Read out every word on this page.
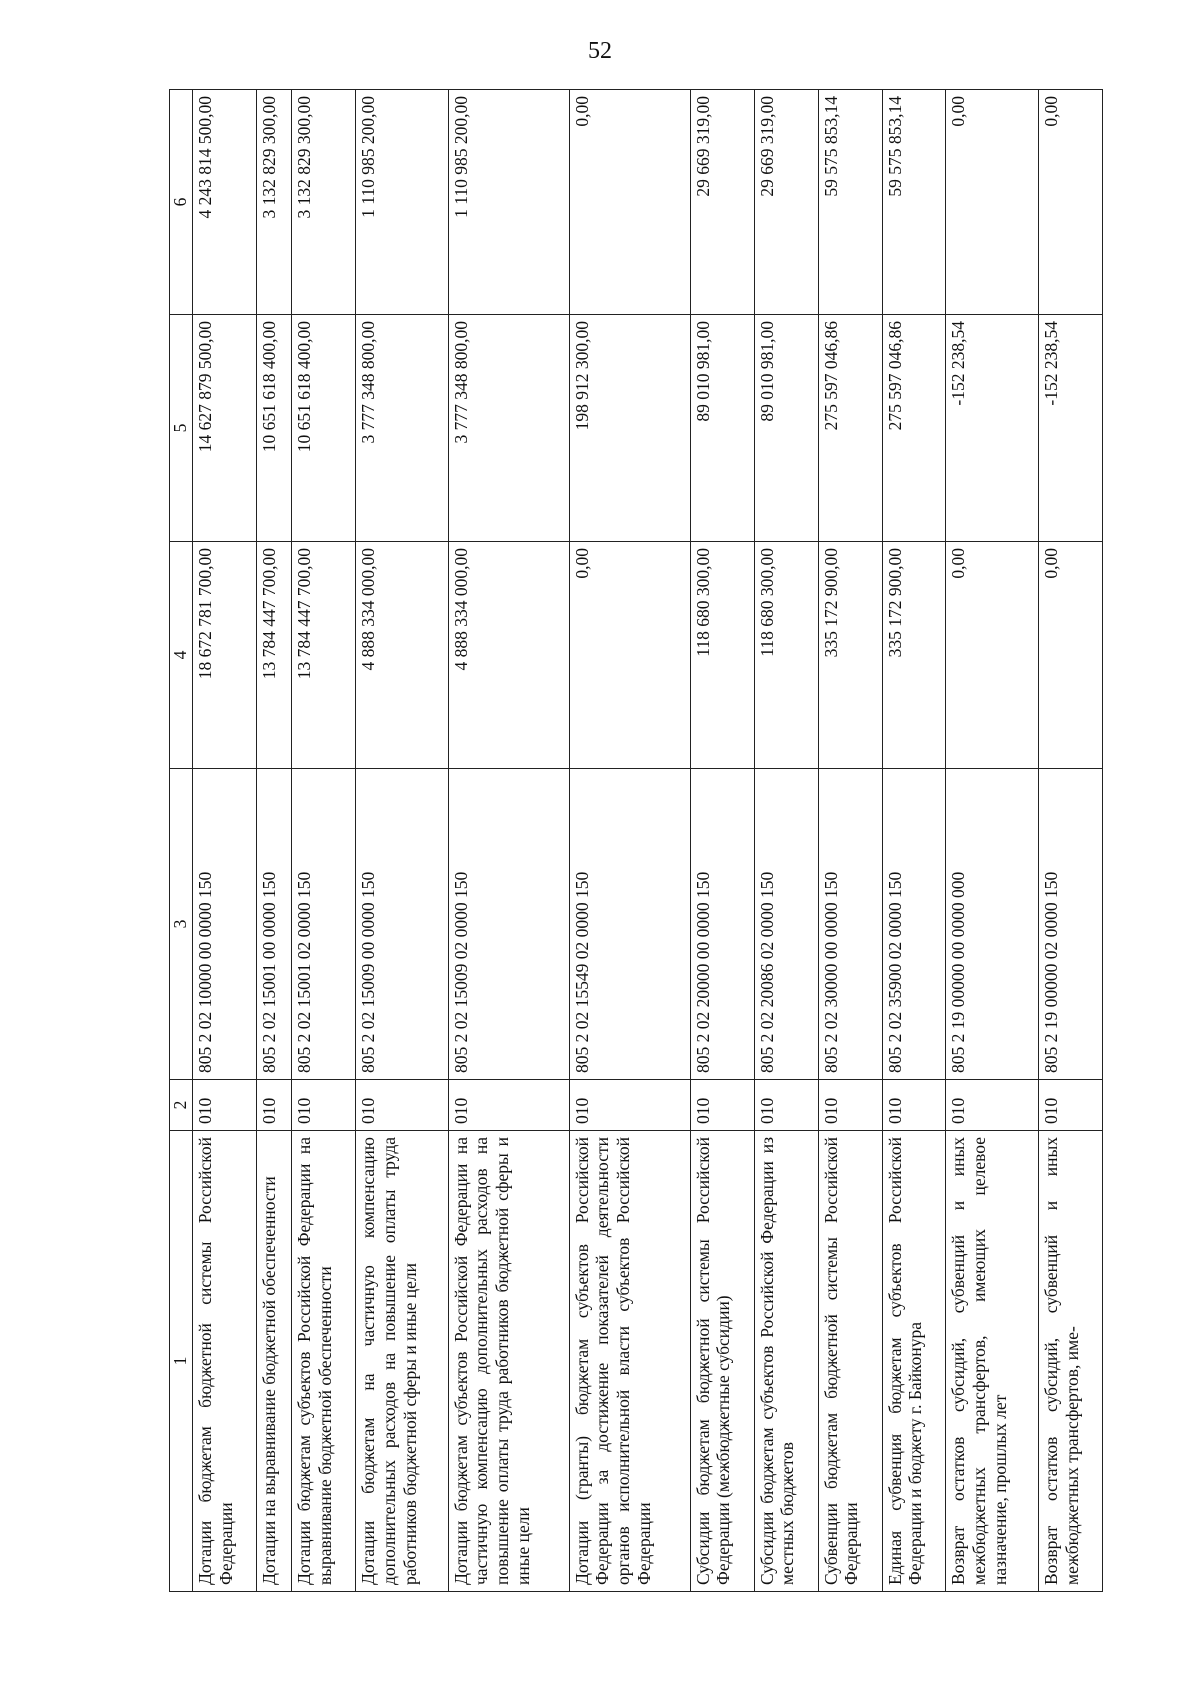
52
1	2	3	4	5	6
Дотации бюджетам бюджетной системы Российской Федерации	010	805 2 02 10000 00 0000 150	18 672 781 700,00	14 627 879 500,00	4 243 814 500,00
Дотации на выравнивание бюджетной обеспеченности	010	805 2 02 15001 00 0000 150	13 784 447 700,00	10 651 618 400,00	3 132 829 300,00
Дотации бюджетам субъектов Российской Федерации на выравнивание бюджетной обеспеченности	010	805 2 02 15001 02 0000 150	13 784 447 700,00	10 651 618 400,00	3 132 829 300,00
Дотации бюджетам на частичную компенсацию дополнительных расходов на повышение оплаты труда работников бюджетной сферы и иные цели	010	805 2 02 15009 00 0000 150	4 888 334 000,00	3 777 348 800,00	1 110 985 200,00
Дотации бюджетам субъектов Российской Федерации на частичную компенсацию дополнительных расходов на повышение оплаты труда работников бюджетной сферы и иные цели	010	805 2 02 15009 02 0000 150	4 888 334 000,00	3 777 348 800,00	1 110 985 200,00
Дотации (гранты) бюджетам субъектов Российской Федерации за достижение показателей деятельности органов исполнительной власти субъектов Российской Федерации	010	805 2 02 15549 02 0000 150	0,00	198 912 300,00	0,00
Субсидии бюджетам бюджетной системы Российской Федерации (межбюджетные субсидии)	010	805 2 02 20000 00 0000 150	118 680 300,00	89 010 981,00	29 669 319,00
Субсидии бюджетам субъектов Российской Федерации из местных бюджетов	010	805 2 02 20086 02 0000 150	118 680 300,00	89 010 981,00	29 669 319,00
Субвенции бюджетам бюджетной системы Российской Федерации	010	805 2 02 30000 00 0000 150	335 172 900,00	275 597 046,86	59 575 853,14
Единая субвенция бюджетам субъектов Российской Федерации и бюджету г. Байконура	010	805 2 02 35900 02 0000 150	335 172 900,00	275 597 046,86	59 575 853,14
Возврат остатков субсидий, субвенций и иных межбюджетных трансфертов, имеющих целевое назначение, прошлых лет	010	805 2 19 00000 00 0000 000	0,00	-152 238,54	0,00
Возврат остатков субсидий, субвенций и иных межбюджетных трансфертов, име-	010	805 2 19 00000 02 0000 150	0,00	-152 238,54	0,00
